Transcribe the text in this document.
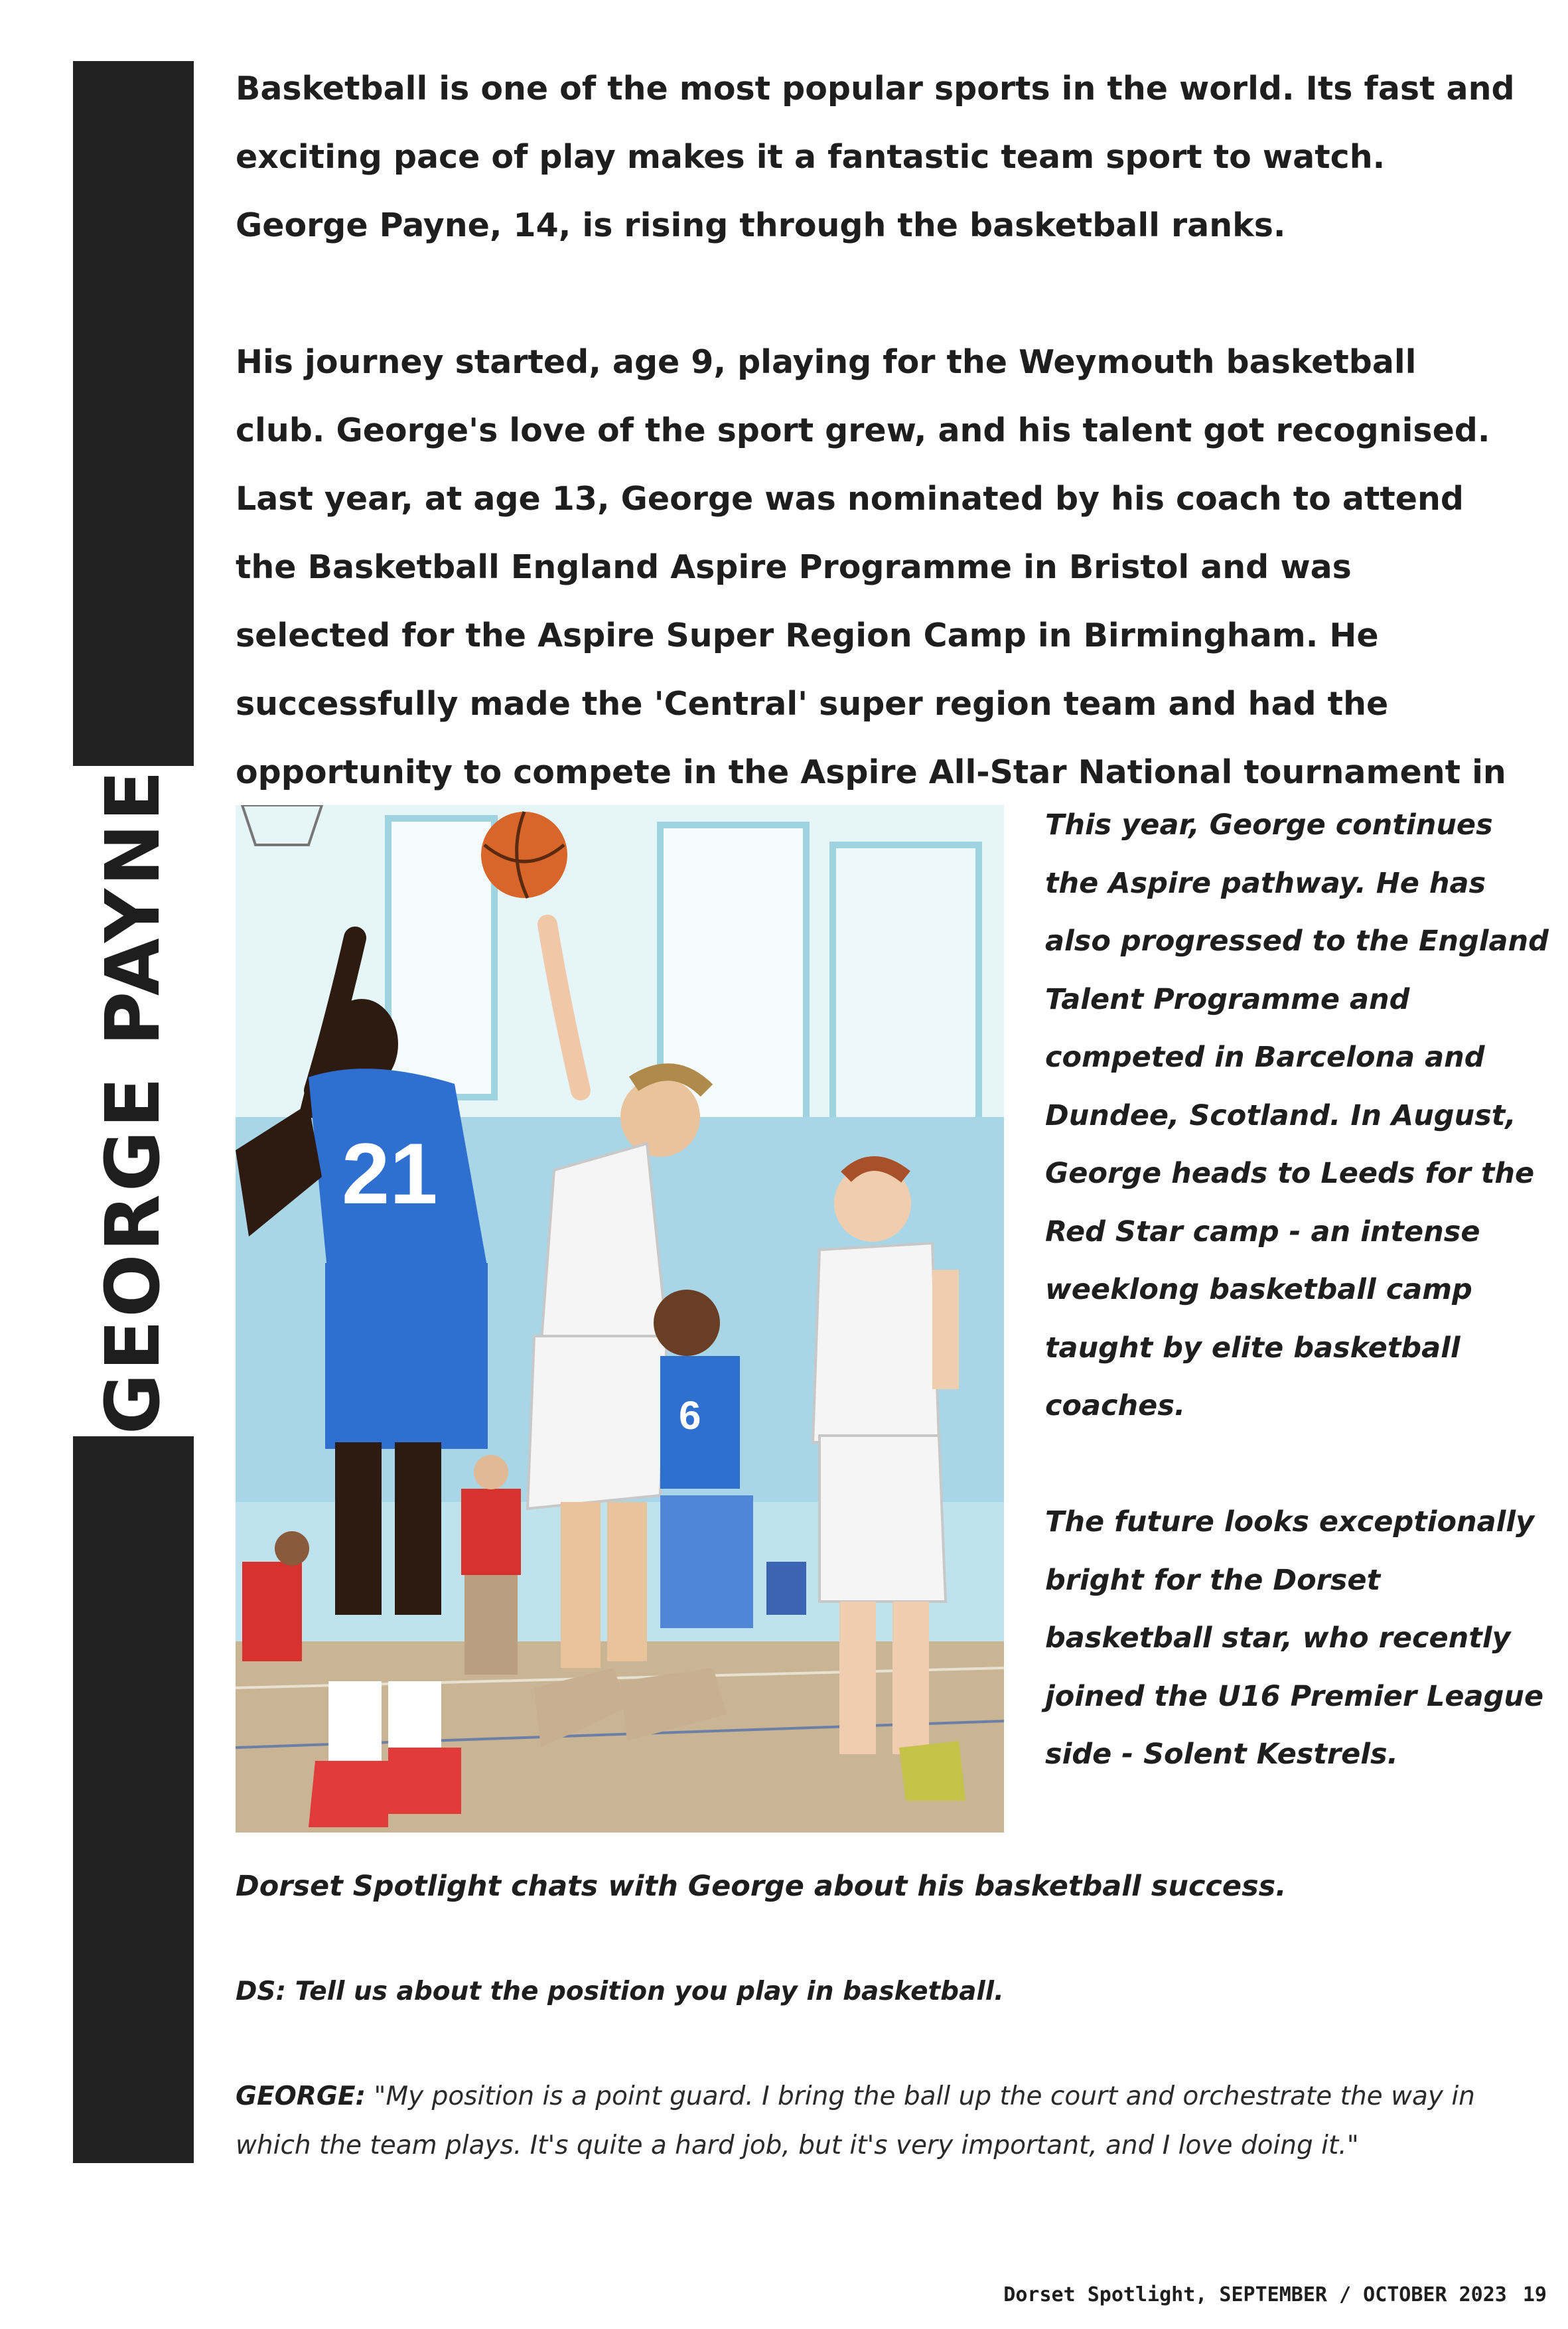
GEORGE PAYNE

Basketball is one of the most popular sports in the world. Its fast and exciting pace of play makes it a fantastic team sport to watch. George Payne, 14, is rising through the basketball ranks.

His journey started, age 9, playing for the Weymouth basketball club. George's love of the sport grew, and his talent got recognised. Last year, at age 13, George was nominated by his coach to attend the Basketball England Aspire Programme in Bristol and was selected for the Aspire Super Region Camp in Birmingham. He successfully made the 'Central' super region team and had the opportunity to compete in the Aspire All-Star National tournament in

21
6

This year, George continues the Aspire pathway. He has also progressed to the England Talent Programme and competed in Barcelona and Dundee, Scotland. In August, George heads to Leeds for the Red Star camp - an intense weeklong basketball camp taught by elite basketball coaches.

The future looks exceptionally bright for the Dorset basketball star, who recently joined the U16 Premier League side - Solent Kestrels.

Dorset Spotlight chats with George about his basketball success.

DS: Tell us about the position you play in basketball.

GEORGE: "My position is a point guard. I bring the ball up the court and orchestrate the way in which the team plays. It's quite a hard job, but it's very important, and I love doing it."

Dorset Spotlight, SEPTEMBER / OCTOBER 2023 19
